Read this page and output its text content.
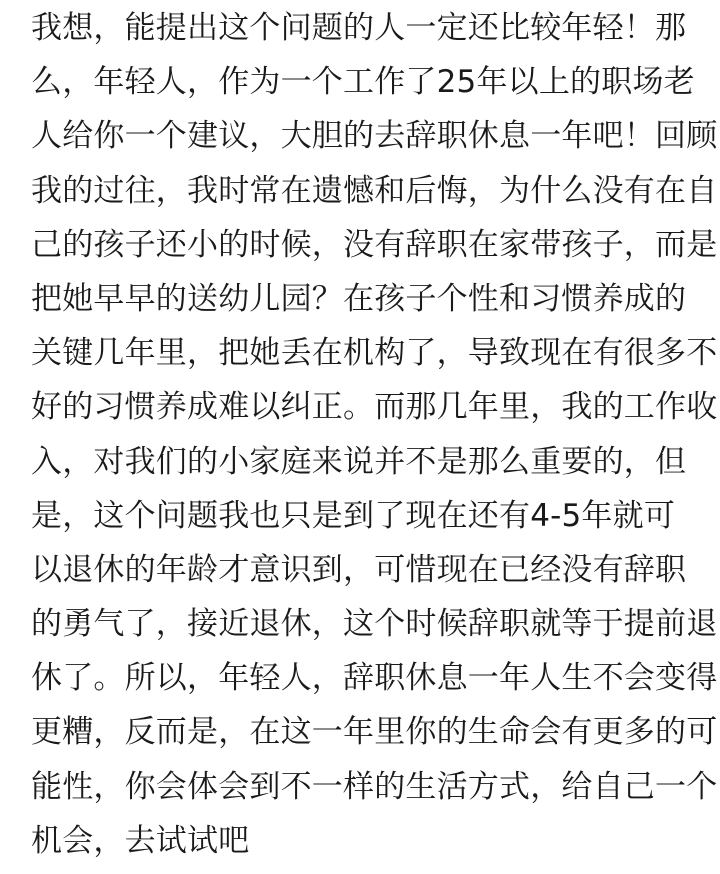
我想，能提出这个问题的人一定还比较年轻！那
么，年轻人，作为一个工作了25年以上的职场老
人给你一个建议，大胆的去辞职休息一年吧！回顾
我的过往，我时常在遗憾和后悔，为什么没有在自
己的孩子还小的时候，没有辞职在家带孩子，而是
把她早早的送幼儿园？在孩子个性和习惯养成的
关键几年里，把她丢在机构了，导致现在有很多不
好的习惯养成难以纠正。而那几年里，我的工作收
入，对我们的小家庭来说并不是那么重要的，但
是，这个问题我也只是到了现在还有4-5年就可
以退休的年龄才意识到，可惜现在已经没有辞职
的勇气了，接近退休，这个时候辞职就等于提前退
休了。所以，年轻人，辞职休息一年人生不会变得
更糟，反而是，在这一年里你的生命会有更多的可
能性，你会体会到不一样的生活方式，给自己一个
机会，去试试吧
